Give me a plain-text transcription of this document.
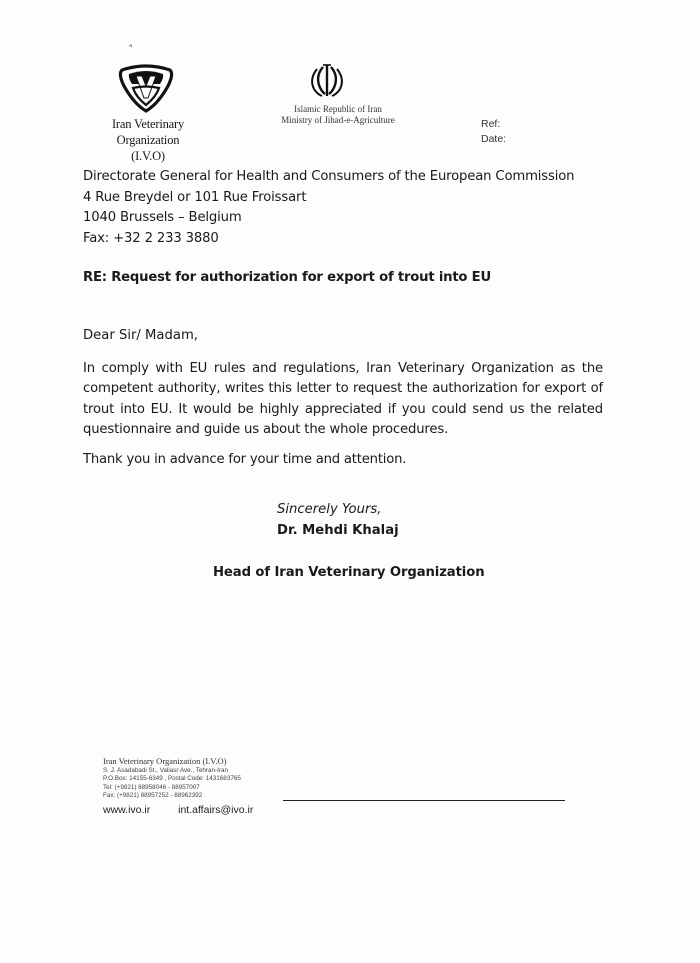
˄
Iran Veterinary Organization
(I.V.O)
Islamic Republic of Iran
Ministry of Jihad-e-Agriculture	Ref:
Date:
Directorate General for Health and Consumers of the European Commission
4 Rue Breydel or 101 Rue Froissart
1040 Brussels – Belgium
Fax: +32 2 233 3880
RE: Request for authorization for export of trout into EU
Dear Sir/ Madam,
In comply with EU rules and regulations, Iran Veterinary Organization as the competent authority, writes this letter to request the authorization for export of trout into EU. It would be highly appreciated if you could send us the related questionnaire and guide us about the whole procedures.
Thank you in advance for your time and attention.
Sincerely Yours,
Dr. Mehdi Khalaj
Head of Iran Veterinary Organization
Iran Veterinary Organization (I.V.O)
S. J. Asadabadi St., Valiasr Ave., Tehran-Iran
P.O.Box: 14155-6349 , Postal Code: 1431683765
Tel: (+9821) 88958046 - 88957007
Fax: (+9821) 88957252 - 88962392
www.ivo.ir	int.affairs@ivo.ir
